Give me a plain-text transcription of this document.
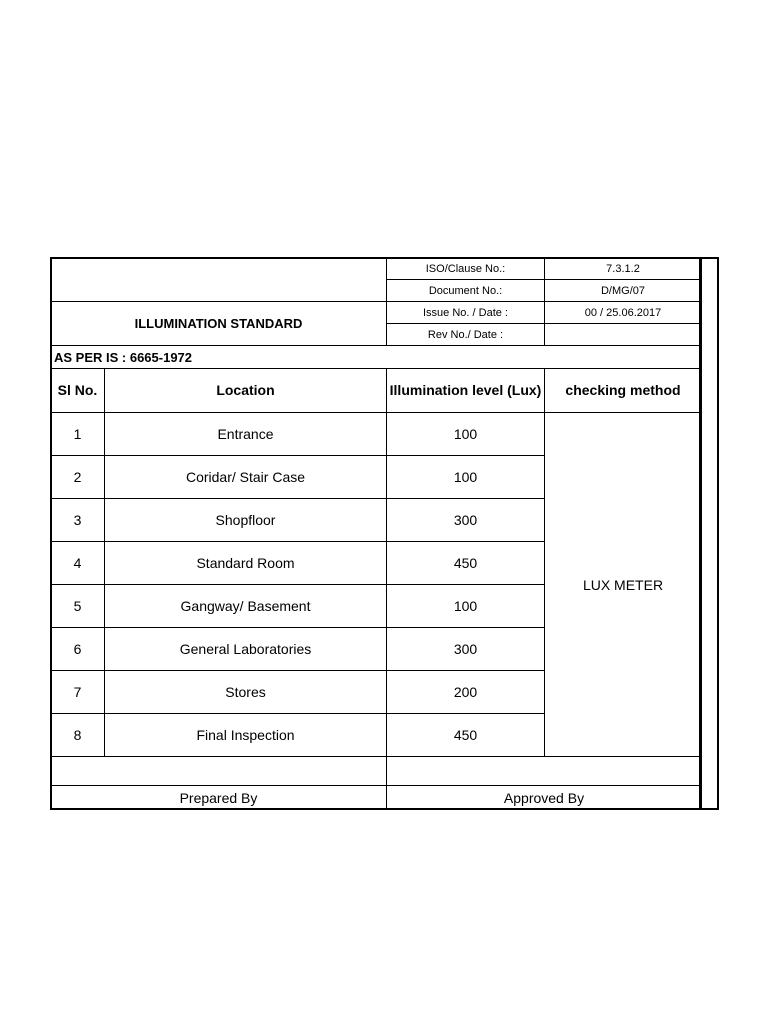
		ISO/Clause No.:	7.3.1.2
		Document No.:	D/MG/07
ILLUMINATION STANDARD		Issue No. / Date :	00 / 25.06.2017
		Rev No./ Date :	
AS PER IS : 6665-1972			
Sl No.	Location	Illumination level (Lux)	checking method
1	Entrance	100	LUX METER
2	Coridar/ Stair Case	100	
3	Shopfloor	300	
4	Standard Room	450	
5	Gangway/ Basement	100	
6	General Laboratories	300	
7	Stores	200	
8	Final Inspection	450	

Prepared By		Approved By	
